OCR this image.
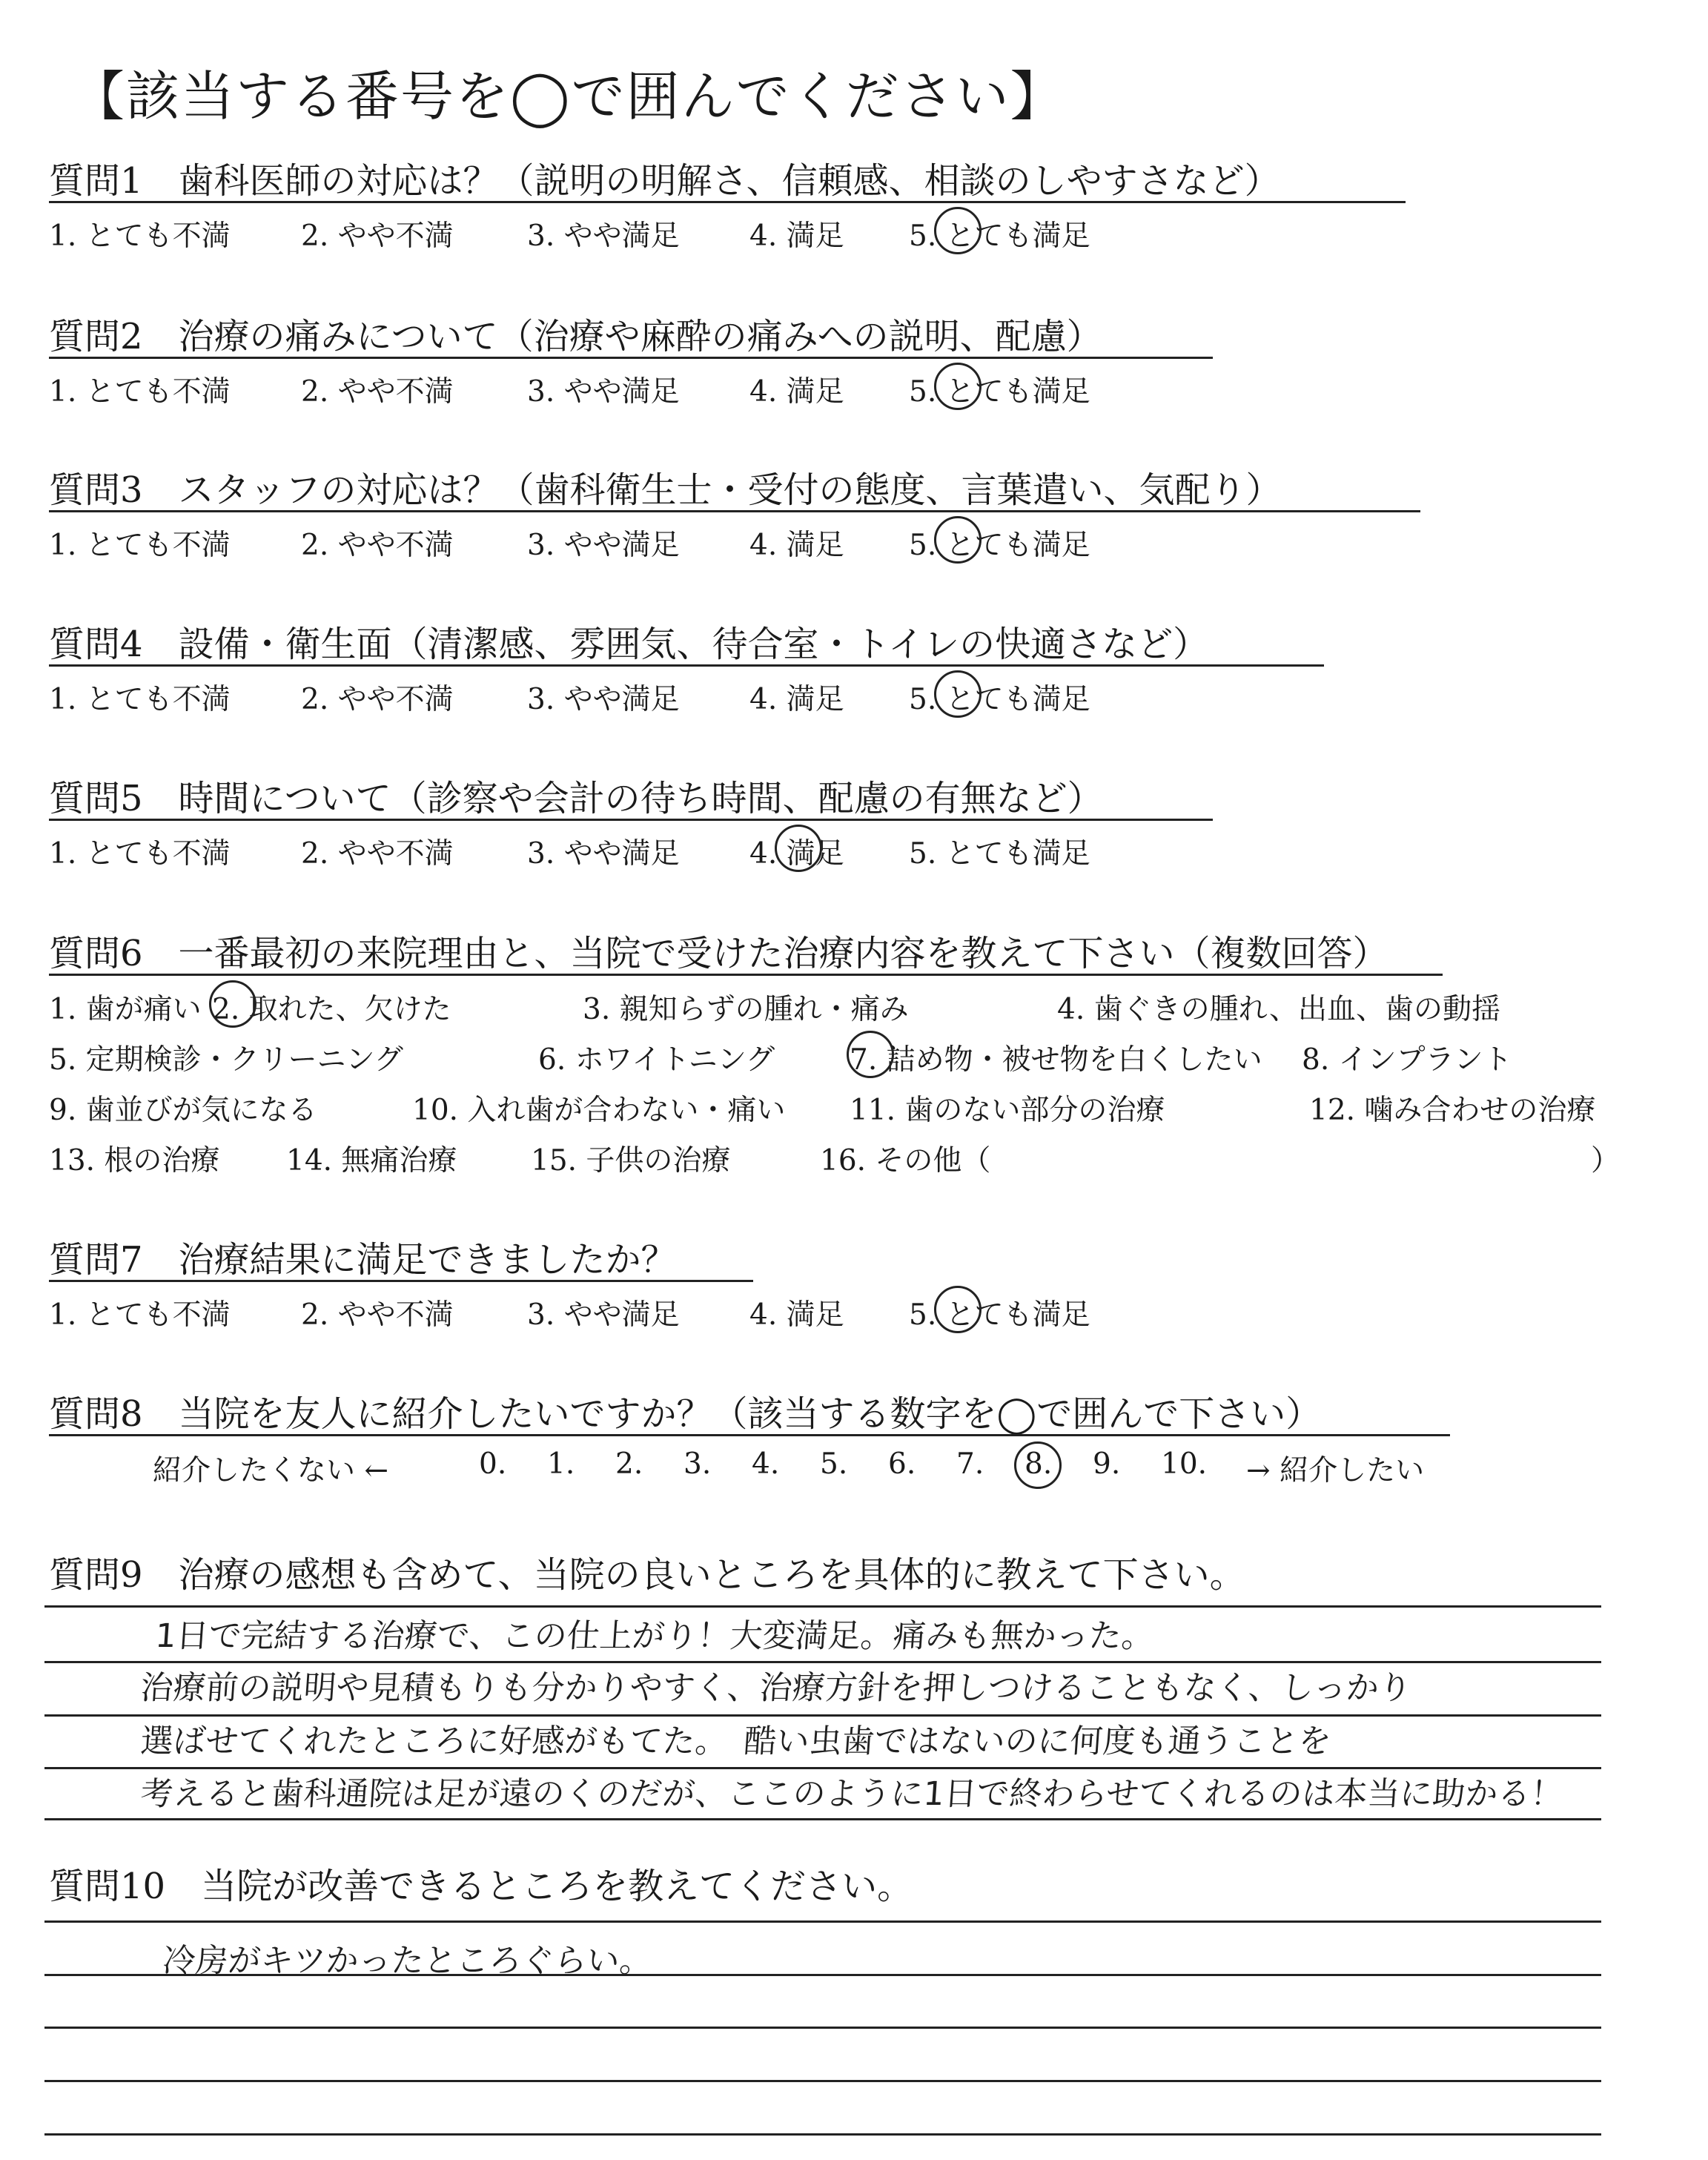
【該当する番号を◯で囲んでください】
質問1　歯科医師の対応は？（説明の明解さ、信頼感、相談のしやすさなど）
1. とても不満 2. やや不満	3. やや満足 4. 満足 5. とても満足
質問2　治療の痛みについて（治療や麻酔の痛みへの説明、配慮）
1. とても不満 2. やや不満	3. やや満足 4. 満足 5. とても満足
質問3　スタッフの対応は？（歯科衛生士・受付の態度、言葉遣い、気配り）
1. とても不満 2. やや不満	3. やや満足 4. 満足 5. とても満足
質問4　設備・衛生面（清潔感、雰囲気、待合室・トイレの快適さなど）
1. とても不満 2. やや不満	3. やや満足 4. 満足 5. とても満足
質問5　時間について（診察や会計の待ち時間、配慮の有無など）
1. とても不満 2. やや不満	3. やや満足 4. 満足 5. とても満足
質問6　一番最初の来院理由と、当院で受けた治療内容を教えて下さい（複数回答）
1. 歯が痛い 2. 取れた、欠けた	3. 親知らずの腫れ・痛み	4. 歯ぐきの腫れ、出血、歯の動揺
5. 定期検診・クリーニング	6. ホワイトニング	7. 詰め物・被せ物を白くしたい 8. インプラント
9. 歯並びが気になる	10. 入れ歯が合わない・痛い 11. 歯のない部分の治療	12. 噛み合わせの治療
13. 根の治療 14. 無痛治療	15. 子供の治療	16. その他（	）
質問7　治療結果に満足できましたか？
1. とても不満 2. やや不満	3. やや満足 4. 満足 5. とても満足
質問8　当院を友人に紹介したいですか？（該当する数字を◯で囲んで下さい）
紹介したくない ←	0. 1. 2. 3. 4. 5. 6. 7. 8. 9. 10. → 紹介したい
質問9　治療の感想も含めて、当院の良いところを具体的に教えて下さい。
1日で完結する治療で、この仕上がり！大変満足。痛みも無かった。
治療前の説明や見積もりも分かりやすく、治療方針を押しつけることもなく、しっかり
選ばせてくれたところに好感がもてた。　酷い虫歯ではないのに何度も通うことを
考えると歯科通院は足が遠のくのだが、ここのように1日で終わらせてくれるのは本当に助かる！
質問10　当院が改善できるところを教えてください。
冷房がキツかったところぐらい。
